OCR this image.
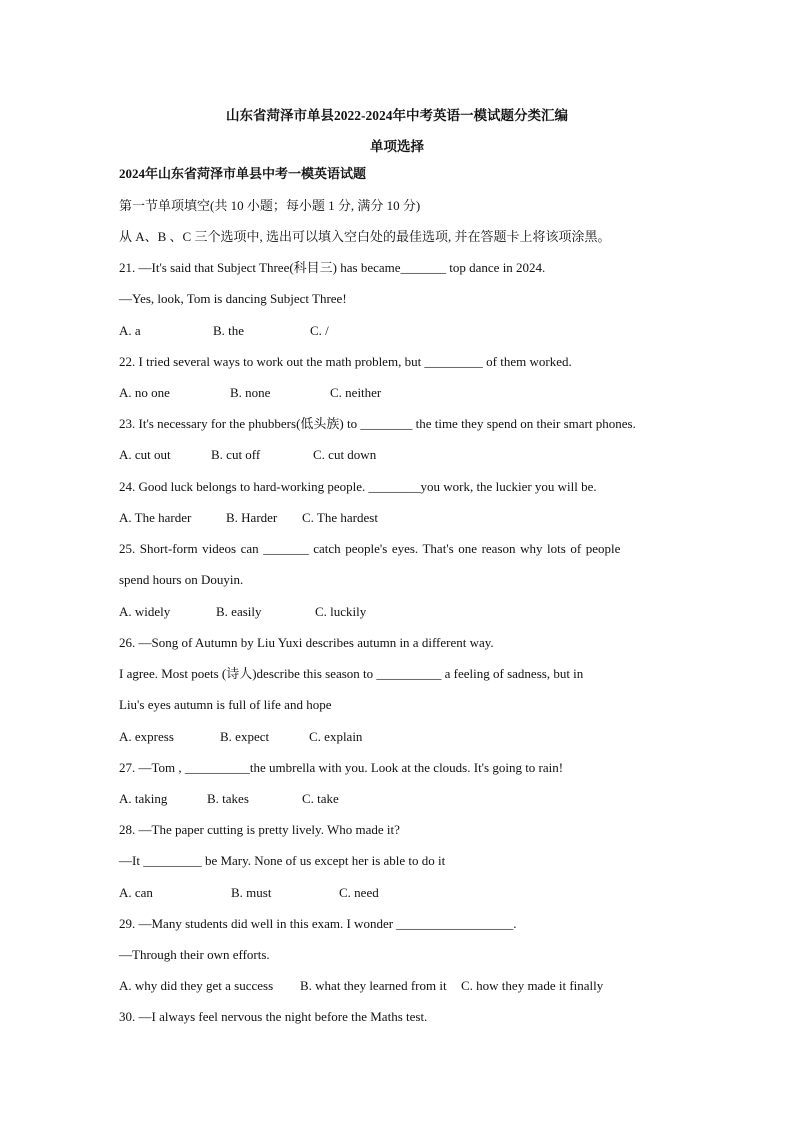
山东省菏泽市单县2022-2024年中考英语一模试题分类汇编
单项选择
2024年山东省菏泽市单县中考一模英语试题
第一节单项填空(共 10 小题；每小题 1 分, 满分 10 分)
从 A、B 、C 三个选项中, 选出可以填入空白处的最佳选项, 并在答题卡上将该项涂黑。
21. —It's said that Subject Three(科目三) has became_______ top dance in 2024.
—Yes, look, Tom is dancing Subject Three!
A. a	B. the	C. /
22. I tried several ways to work out the math problem, but _________ of them worked.
A. no one	B. none	C. neither
23. It's necessary for the phubbers(低头族) to ________ the time they spend on their smart phones.
A. cut out	B. cut off	C. cut down
24. Good luck belongs to hard-working people. ________you work, the luckier you will be.
A. The harder	B. Harder C. The hardest
25. Short-form videos can _______ catch people's eyes. That's one reason why lots of people
spend hours on Douyin.
A. widely	B. easily	C. luckily
26. —Song of Autumn by Liu Yuxi describes autumn in a different way.
I agree. Most poets (诗人)describe this season to __________ a feeling of sadness, but in
Liu's eyes autumn is full of life and hope
A. express	B. expect	C. explain
27. —Tom , __________the umbrella with you. Look at the clouds. It's going to rain!
A. taking	B. takes	C. take
28. —The paper cutting is pretty lively. Who made it?
—It _________ be Mary. None of us except her is able to do it
A. can	B. must	C. need
29. —Many students did well in this exam. I wonder __________________.
—Through their own efforts.
A. why did they get a success B. what they learned from it C. how they made it finally
30. —I always feel nervous the night before the Maths test.
